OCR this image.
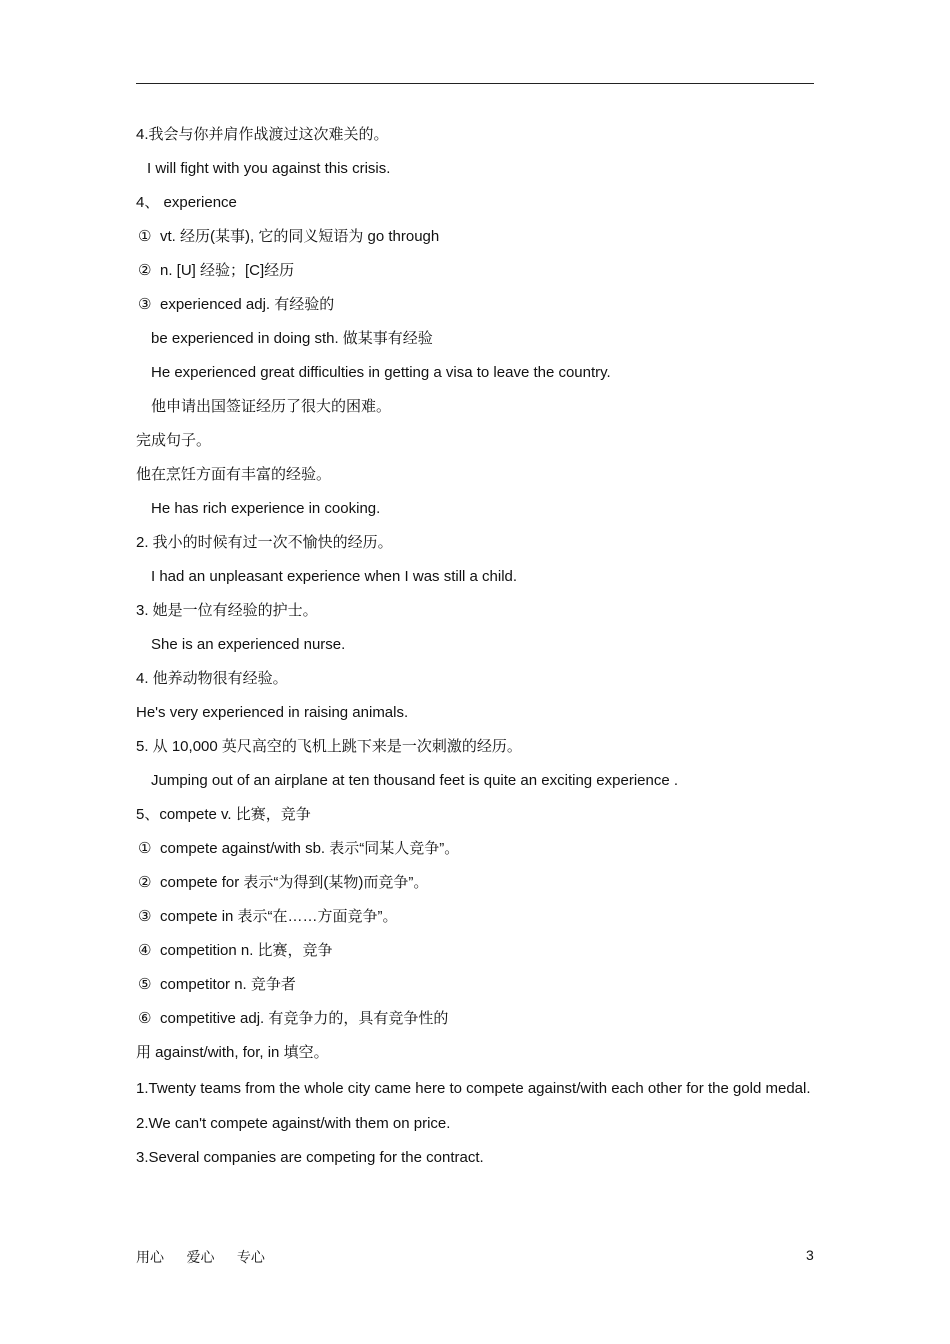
4.我会与你并肩作战渡过这次难关的。
I will fight with you against this crisis.
4、 experience
① vt. 经历(某事), 它的同义短语为 go through
② n. [U] 经验；[C]经历
③ experienced adj. 有经验的
be experienced in doing sth. 做某事有经验
He experienced great difficulties in getting a visa to leave the country.
他申请出国签证经历了很大的困难。
完成句子。
他在烹饪方面有丰富的经验。
He has rich experience in cooking.
2. 我小的时候有过一次不愉快的经历。
I had an unpleasant experience when I was still a child.
3. 她是一位有经验的护士。
She is an experienced nurse.
4. 他养动物很有经验。
He's very experienced in raising animals.
5. 从 10,000 英尺高空的飞机上跳下来是一次刺激的经历。
Jumping out of an airplane at ten thousand feet is quite an exciting experience .
5、compete v. 比赛，竞争
① compete against/with sb. 表示“同某人竞争”。
② compete for 表示“为得到(某物)而竞争”。
③ compete in 表示“在……方面竞争”。
④ competition n. 比赛，竞争
⑤ competitor n. 竞争者
⑥ competitive adj. 有竞争力的，具有竞争性的
用 against/with, for, in 填空。
1.Twenty teams from the whole city came here to compete against/with each other for the gold medal.
2.We can't compete against/with them on price.
3.Several companies are competing for the contract.
用心 爱心 专心	3
